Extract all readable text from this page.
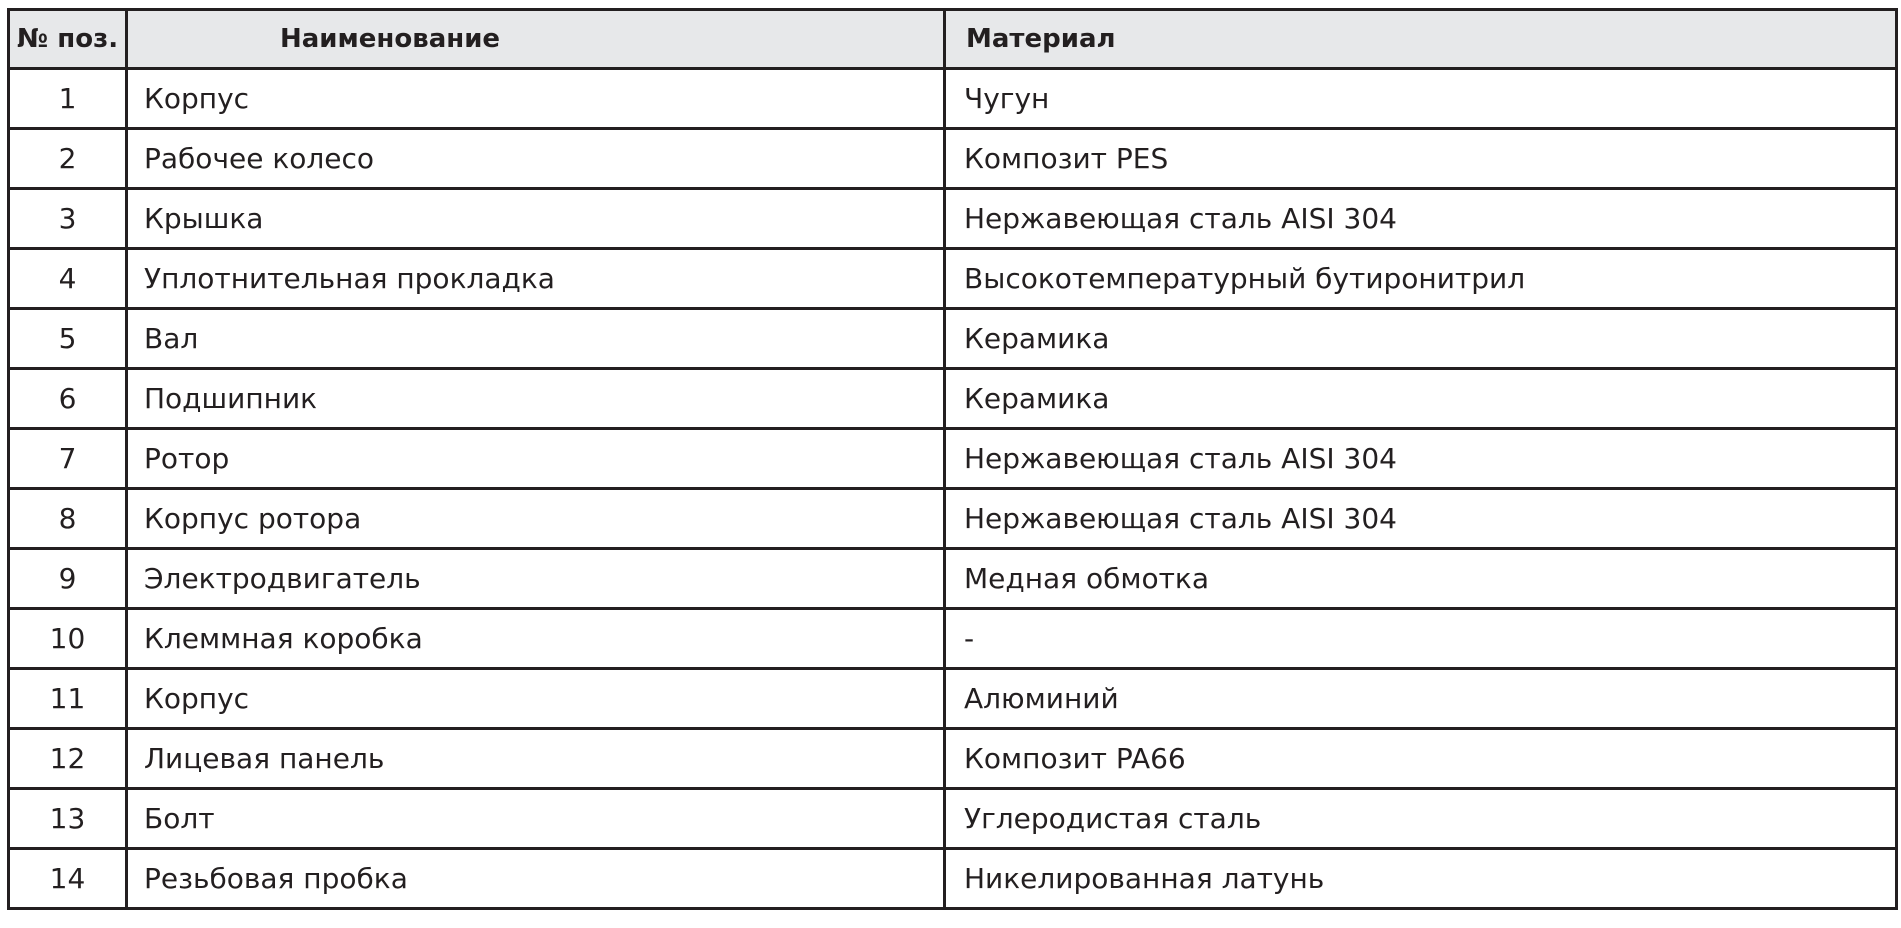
№ поз.	Наименование	Материал
1	Корпус	Чугун
2	Рабочее колесо	Композит PES
3	Крышка	Нержавеющая сталь AISI 304
4	Уплотнительная прокладка	Высокотемпературный бутиронитрил
5	Вал	Керамика
6	Подшипник	Керамика
7	Ротор	Нержавеющая сталь AISI 304
8	Корпус ротора	Нержавеющая сталь AISI 304
9	Электродвигатель	Медная обмотка
10	Клеммная коробка	-
11	Корпус	Алюминий
12	Лицевая панель	Композит PA66
13	Болт	Углеродистая сталь
14	Резьбовая пробка	Никелированная латунь
